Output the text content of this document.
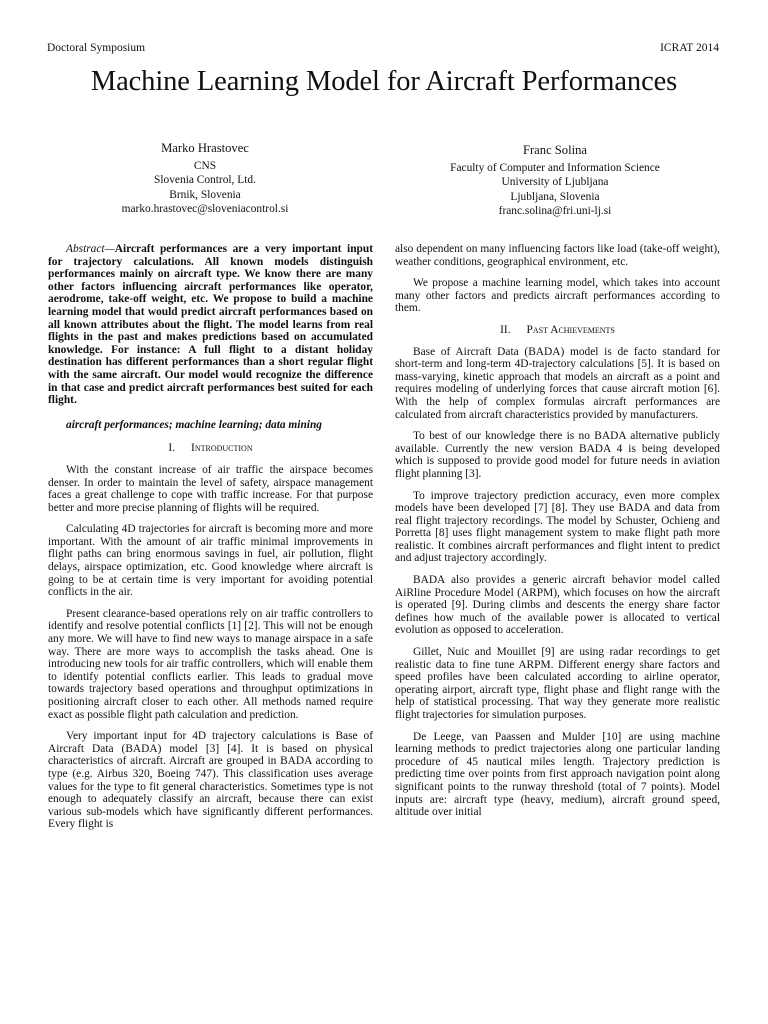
Doctoral Symposium	ICRAT 2014
Machine Learning Model for Aircraft Performances
Marko Hrastovec
CNS
Slovenia Control, Ltd.
Brnik, Slovenia
marko.hrastovec@sloveniacontrol.si
Franc Solina
Faculty of Computer and Information Science
University of Ljubljana
Ljubljana, Slovenia
franc.solina@fri.uni-lj.si

Abstract—Aircraft performances are a very important input for trajectory calculations. All known models distinguish performances mainly on aircraft type. We know there are many other factors influencing aircraft performances like operator, aerodrome, take-off weight, etc. We propose to build a machine learning model that would predict aircraft performances based on all known attributes about the flight. The model learns from real flights in the past and makes predictions based on accumulated knowledge. For instance: A full flight to a distant holiday destination has different performances than a short regular flight with the same aircraft. Our model would recognize the difference in that case and predict aircraft performances best suited for each flight.

aircraft performances; machine learning; data mining

I. Introduction

With the constant increase of air traffic the airspace becomes denser. In order to maintain the level of safety, airspace management faces a great challenge to cope with traffic increase. For that purpose better and more precise planning of flights will be required.

Calculating 4D trajectories for aircraft is becoming more and more important. With the amount of air traffic minimal improvements in flight paths can bring enormous savings in fuel, air pollution, flight delays, airspace optimization, etc. Good knowledge where aircraft is going to be at certain time is very important for avoiding potential conflicts in the air.

Present clearance-based operations rely on air traffic controllers to identify and resolve potential conflicts [1] [2]. This will not be enough any more. We will have to find new ways to manage airspace in a safe way. There are more ways to accomplish the tasks ahead. One is introducing new tools for air traffic controllers, which will enable them to identify potential conflicts earlier. This leads to gradual move towards trajectory based operations and throughput optimizations in positioning aircraft closer to each other. All methods named require exact as possible flight path calculation and prediction.

Very important input for 4D trajectory calculations is Base of Aircraft Data (BADA) model [3] [4]. It is based on physical characteristics of aircraft. Aircraft are grouped in BADA according to type (e.g. Airbus 320, Boeing 747). This classification uses average values for the type to fit general characteristics. Sometimes type is not enough to adequately classify an aircraft, because there can exist various sub-models which have significantly different performances. Every flight is

also dependent on many influencing factors like load (take-off weight), weather conditions, geographical environment, etc.

We propose a machine learning model, which takes into account many other factors and predicts aircraft performances according to them.

II. Past Achievements

Base of Aircraft Data (BADA) model is de facto standard for short-term and long-term 4D-trajectory calculations [5]. It is based on mass-varying, kinetic approach that models an aircraft as a point and requires modeling of underlying forces that cause aircraft motion [6]. With the help of complex formulas aircraft performances are calculated from aircraft characteristics provided by manufacturers.

To best of our knowledge there is no BADA alternative publicly available. Currently the new version BADA 4 is being developed which is supposed to provide good model for future needs in aviation flight planning [3].

To improve trajectory prediction accuracy, even more complex models have been developed [7] [8]. They use BADA and data from real flight trajectory recordings. The model by Schuster, Ochieng and Porretta [8] uses flight management system to make flight path more realistic. It combines aircraft performances and flight intent to predict and adjust trajectory accordingly.

BADA also provides a generic aircraft behavior model called AiRline Procedure Model (ARPM), which focuses on how the aircraft is operated [9]. During climbs and descents the energy share factor defines how much of the available power is allocated to vertical evolution as opposed to acceleration.

Gillet, Nuic and Mouillet [9] are using radar recordings to get realistic data to fine tune ARPM. Different energy share factors and speed profiles have been calculated according to airline operator, operating airport, aircraft type, flight phase and flight range with the help of statistical processing. That way they generate more realistic flight trajectories for simulation purposes.

De Leege, van Paassen and Mulder [10] are using machine learning methods to predict trajectories along one particular landing procedure of 45 nautical miles length. Trajectory prediction is predicting time over points from first approach navigation point along significant points to the runway threshold (total of 7 points). Model inputs are: aircraft type (heavy, medium), aircraft ground speed, altitude over initial
